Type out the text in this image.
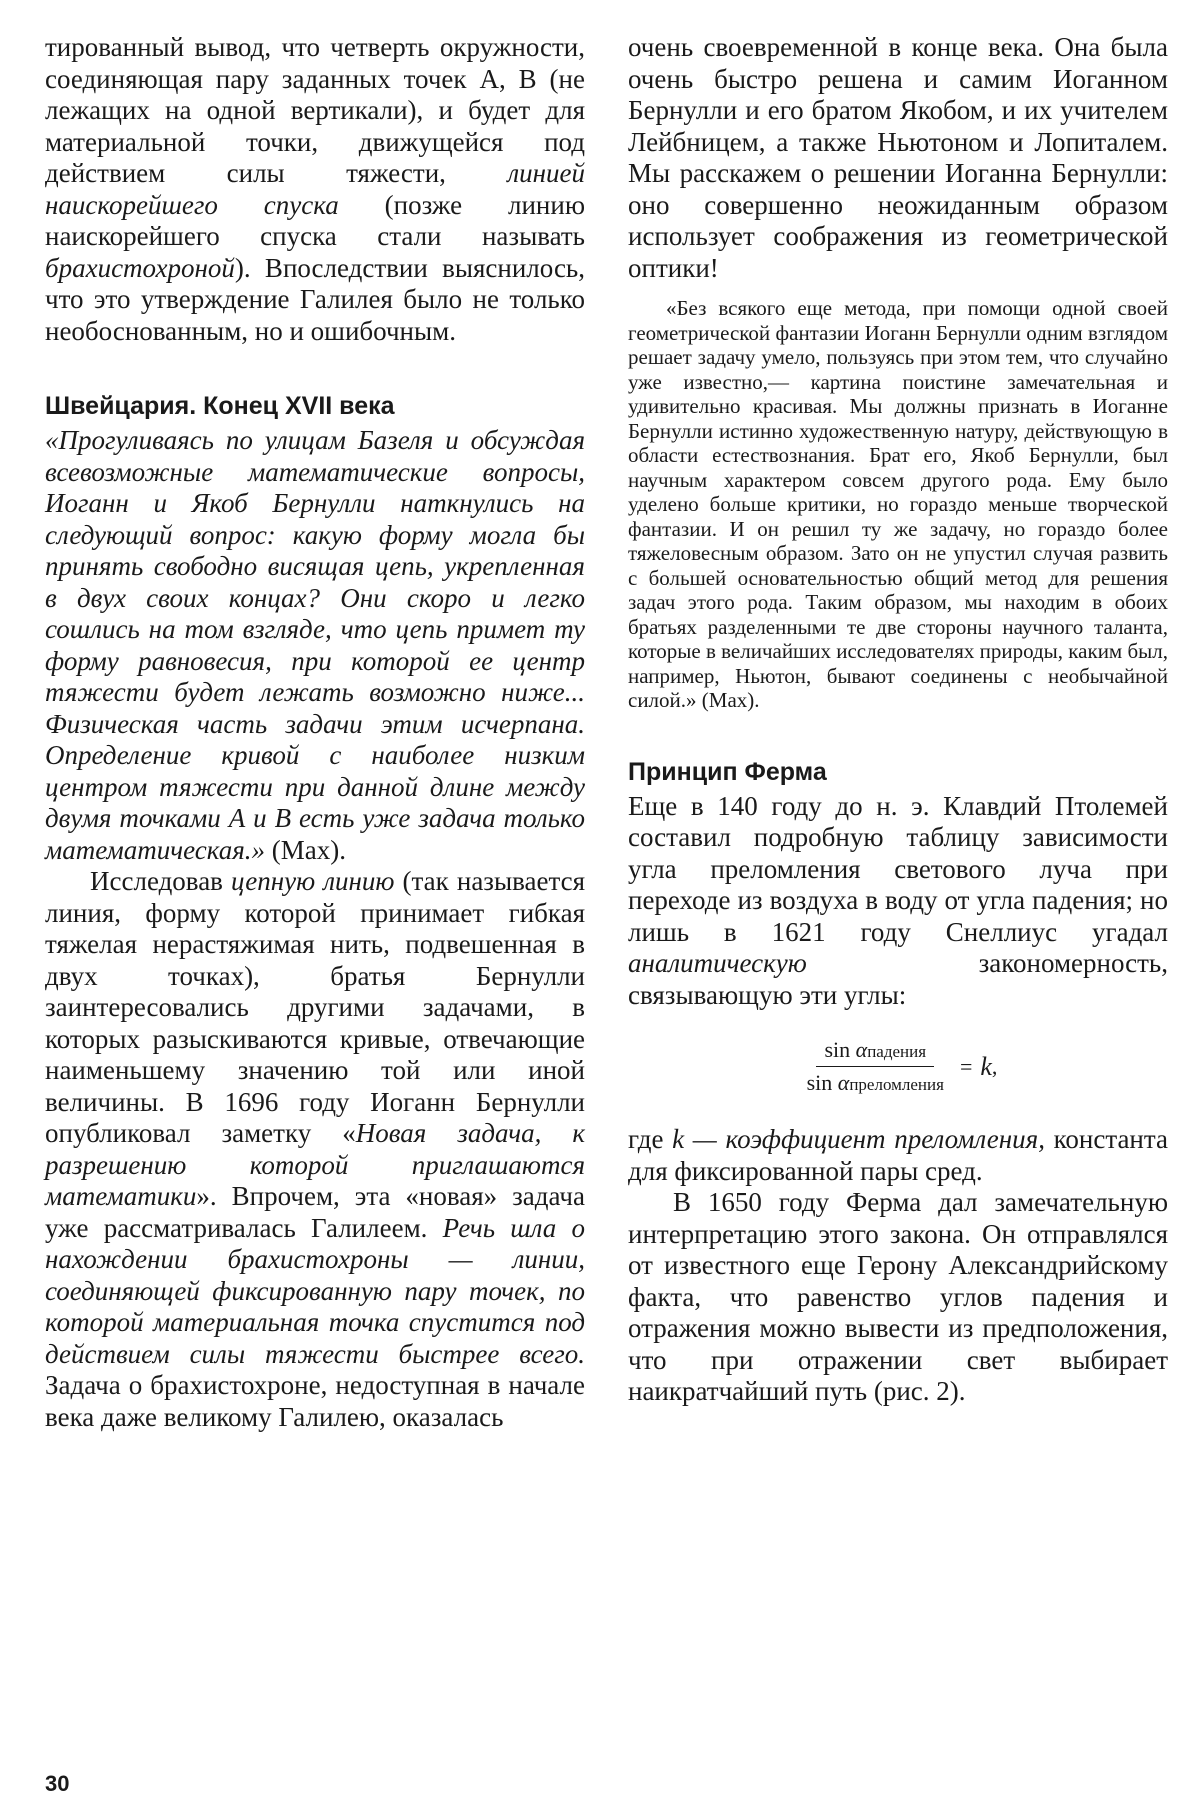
тированный вывод, что четверть окружности, соединяющая пару заданных точек А, В (не лежащих на одной вертикали), и будет для материальной точки, движущейся под действием силы тяжести, линией наискорейшего спуска (позже линию наискорейшего спуска стали называть брахистохроной). Впоследствии выяснилось, что это утверждение Галилея было не только необоснованным, но и ошибочным.

Швейцария. Конец XVII века

«Прогуливаясь по улицам Базеля и обсуждая всевозможные математические вопросы, Иоганн и Якоб Бернулли наткнулись на следующий вопрос: какую форму могла бы принять свободно висящая цепь, укрепленная в двух своих концах? Они скоро и легко сошлись на том взгляде, что цепь примет ту форму равновесия, при которой ее центр тяжести будет лежать возможно ниже... Физическая часть задачи этим исчерпана. Определение кривой с наиболее низким центром тяжести при данной длине между двумя точками А и В есть уже задача только математическая.» (Мах).

Исследовав цепную линию (так называется линия, форму которой принимает гибкая тяжелая нерастяжимая нить, подвешенная в двух точках), братья Бернулли заинтересовались другими задачами, в которых разыскиваются кривые, отвечающие наименьшему значению той или иной величины. В 1696 году Иоганн Бернулли опубликовал заметку «Новая задача, к разрешению которой приглашаются математики». Впрочем, эта «новая» задача уже рассматривалась Галилеем. Речь шла о нахождении брахистохроны — линии, соединяющей фиксированную пару точек, по которой материальная точка спустится под действием силы тяжести быстрее всего. Задача о брахистохроне, недоступная в начале века даже великому Галилею, оказалась

очень своевременной в конце века. Она была очень быстро решена и самим Иоганном Бернулли и его братом Якобом, и их учителем Лейбницем, а также Ньютоном и Лопиталем. Мы расскажем о решении Иоганна Бернулли: оно совершенно неожиданным образом использует соображения из геометрической оптики!

«Без всякого еще метода, при помощи одной своей геометрической фантазии Иоганн Бернулли одним взглядом решает задачу умело, пользуясь при этом тем, что случайно уже известно,— картина поистине замечательная и удивительно красивая. Мы должны признать в Иоганне Бернулли истинно художественную натуру, действующую в области естествознания. Брат его, Якоб Бернулли, был научным характером совсем другого рода. Ему было уделено больше критики, но гораздо меньше творческой фантазии. И он решил ту же задачу, но гораздо более тяжеловесным образом. Зато он не упустил случая развить с большей основательностью общий метод для решения задач этого рода. Таким образом, мы находим в обоих братьях разделенными те две стороны научного таланта, которые в величайших исследователях природы, каким был, например, Ньютон, бывают соединены с необычайной силой.» (Мах).

Принцип Ферма

Еще в 140 году до н. э. Клавдий Птолемей составил подробную таблицу зависимости угла преломления светового луча при переходе из воздуха в воду от угла падения; но лишь в 1621 году Снеллиус угадал аналитическую	закономерность, связывающую эти углы:

$\frac{\text{sin αпадения}}{\text{sin αпреломления}} = k$ ,

где k — коэффициент преломления, константа для фиксированной пары сред.

В 1650 году Ферма дал замечательную интерпретацию этого закона. Он отправлялся от известного еще Герону Александрийскому факта, что равенство углов падения и отражения можно вывести из предположения, что при отражении свет выбирает наикратчайший путь (рис. 2).

30
